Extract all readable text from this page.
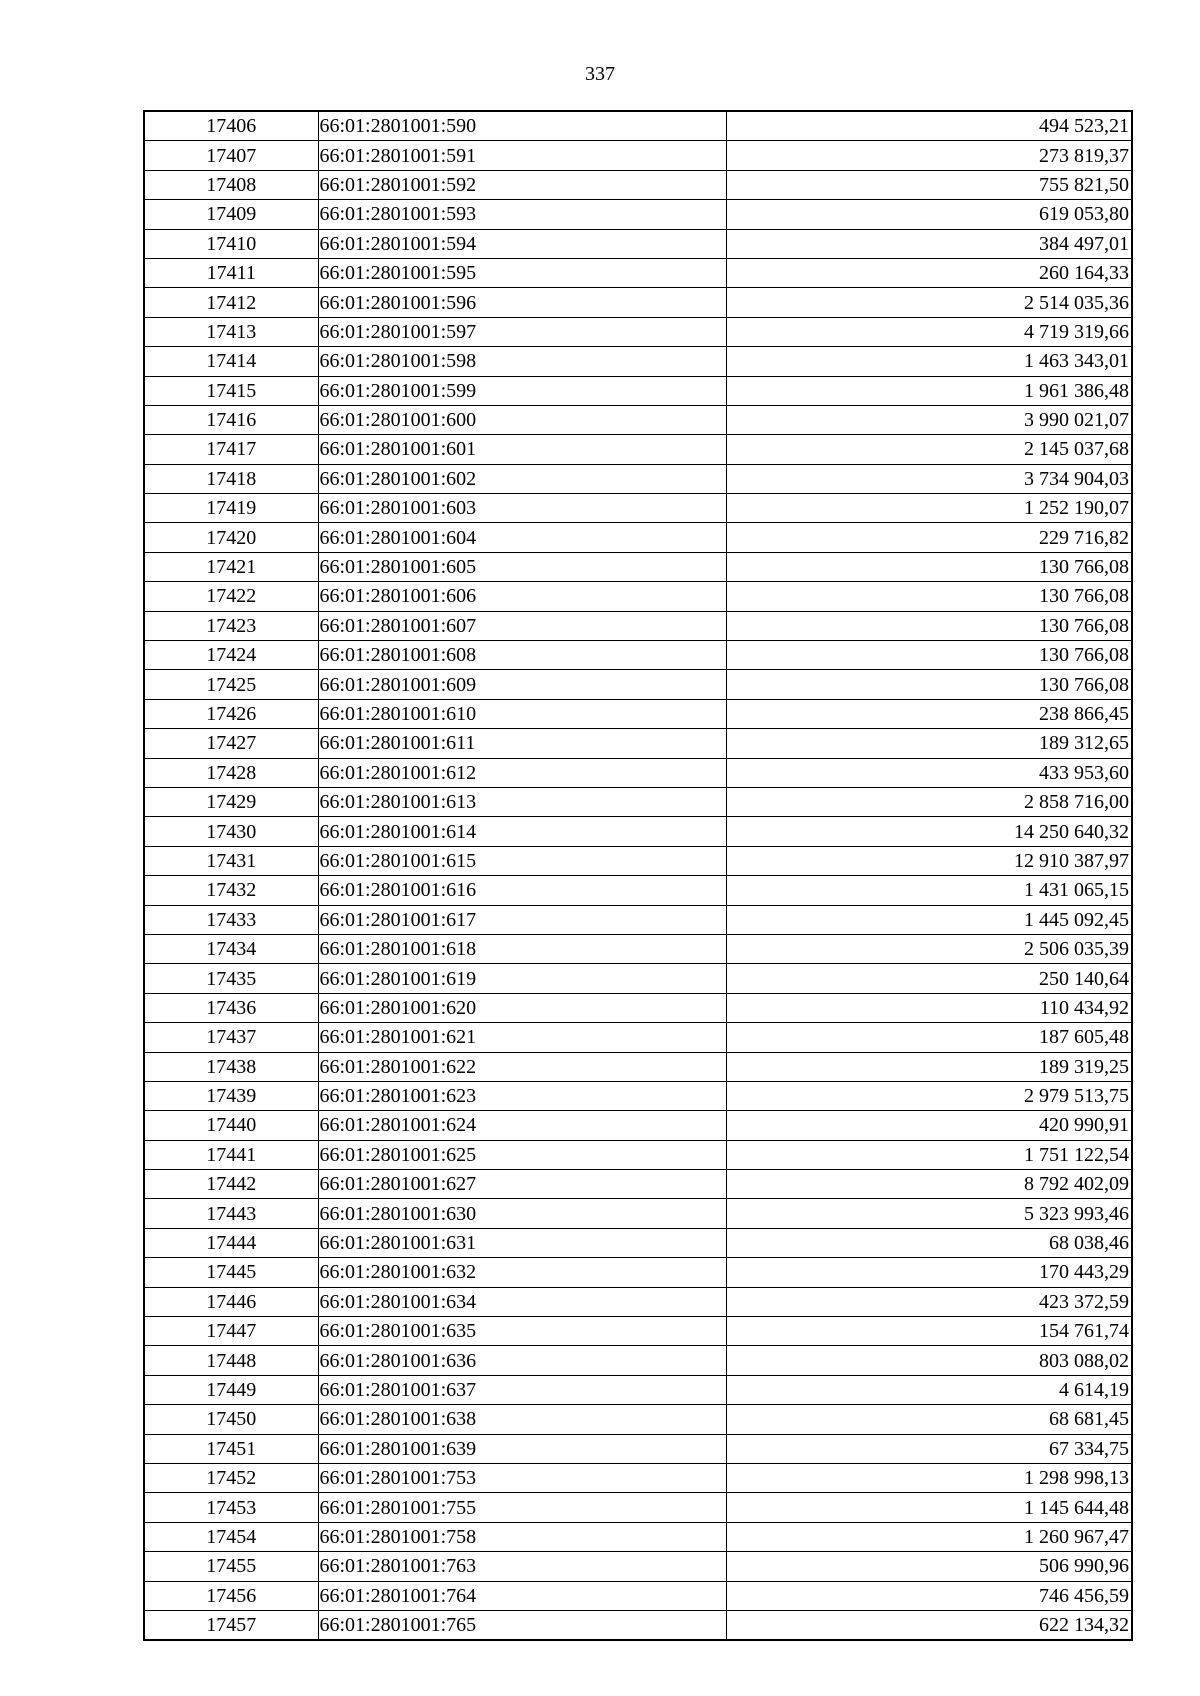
337
17406	66:01:2801001:590	494 523,21
17407	66:01:2801001:591	273 819,37
17408	66:01:2801001:592	755 821,50
17409	66:01:2801001:593	619 053,80
17410	66:01:2801001:594	384 497,01
17411	66:01:2801001:595	260 164,33
17412	66:01:2801001:596	2 514 035,36
17413	66:01:2801001:597	4 719 319,66
17414	66:01:2801001:598	1 463 343,01
17415	66:01:2801001:599	1 961 386,48
17416	66:01:2801001:600	3 990 021,07
17417	66:01:2801001:601	2 145 037,68
17418	66:01:2801001:602	3 734 904,03
17419	66:01:2801001:603	1 252 190,07
17420	66:01:2801001:604	229 716,82
17421	66:01:2801001:605	130 766,08
17422	66:01:2801001:606	130 766,08
17423	66:01:2801001:607	130 766,08
17424	66:01:2801001:608	130 766,08
17425	66:01:2801001:609	130 766,08
17426	66:01:2801001:610	238 866,45
17427	66:01:2801001:611	189 312,65
17428	66:01:2801001:612	433 953,60
17429	66:01:2801001:613	2 858 716,00
17430	66:01:2801001:614	14 250 640,32
17431	66:01:2801001:615	12 910 387,97
17432	66:01:2801001:616	1 431 065,15
17433	66:01:2801001:617	1 445 092,45
17434	66:01:2801001:618	2 506 035,39
17435	66:01:2801001:619	250 140,64
17436	66:01:2801001:620	110 434,92
17437	66:01:2801001:621	187 605,48
17438	66:01:2801001:622	189 319,25
17439	66:01:2801001:623	2 979 513,75
17440	66:01:2801001:624	420 990,91
17441	66:01:2801001:625	1 751 122,54
17442	66:01:2801001:627	8 792 402,09
17443	66:01:2801001:630	5 323 993,46
17444	66:01:2801001:631	68 038,46
17445	66:01:2801001:632	170 443,29
17446	66:01:2801001:634	423 372,59
17447	66:01:2801001:635	154 761,74
17448	66:01:2801001:636	803 088,02
17449	66:01:2801001:637	4 614,19
17450	66:01:2801001:638	68 681,45
17451	66:01:2801001:639	67 334,75
17452	66:01:2801001:753	1 298 998,13
17453	66:01:2801001:755	1 145 644,48
17454	66:01:2801001:758	1 260 967,47
17455	66:01:2801001:763	506 990,96
17456	66:01:2801001:764	746 456,59
17457	66:01:2801001:765	622 134,32
